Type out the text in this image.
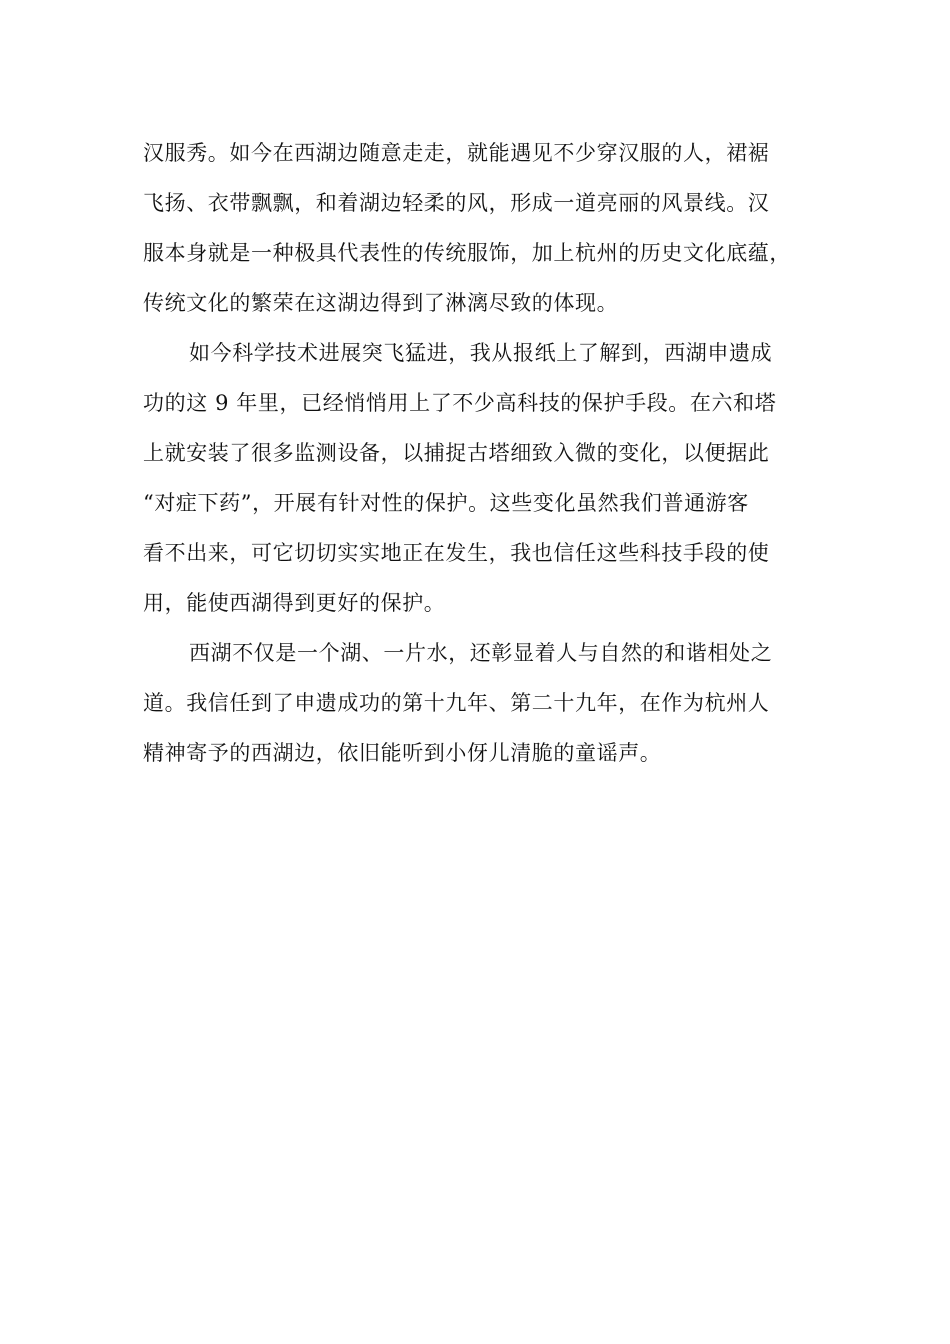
汉服秀。如今在西湖边随意走走，就能遇见不少穿汉服的人，裙裾
飞扬、衣带飘飘，和着湖边轻柔的风，形成一道亮丽的风景线。汉
服本身就是一种极具代表性的传统服饰，加上杭州的历史文化底蕴，
传统文化的繁荣在这湖边得到了淋漓尽致的体现。
如今科学技术进展突飞猛进，我从报纸上了解到，西湖申遗成
功的这 9 年里，已经悄悄用上了不少高科技的保护手段。在六和塔
上就安装了很多监测设备，以捕捉古塔细致入微的变化，以便据此
“对症下药”，开展有针对性的保护。这些变化虽然我们普通游客
看不出来，可它切切实实地正在发生，我也信任这些科技手段的使
用，能使西湖得到更好的保护。
西湖不仅是一个湖、一片水，还彰显着人与自然的和谐相处之
道。我信任到了申遗成功的第十九年、第二十九年，在作为杭州人
精神寄予的西湖边，依旧能听到小伢儿清脆的童谣声。
